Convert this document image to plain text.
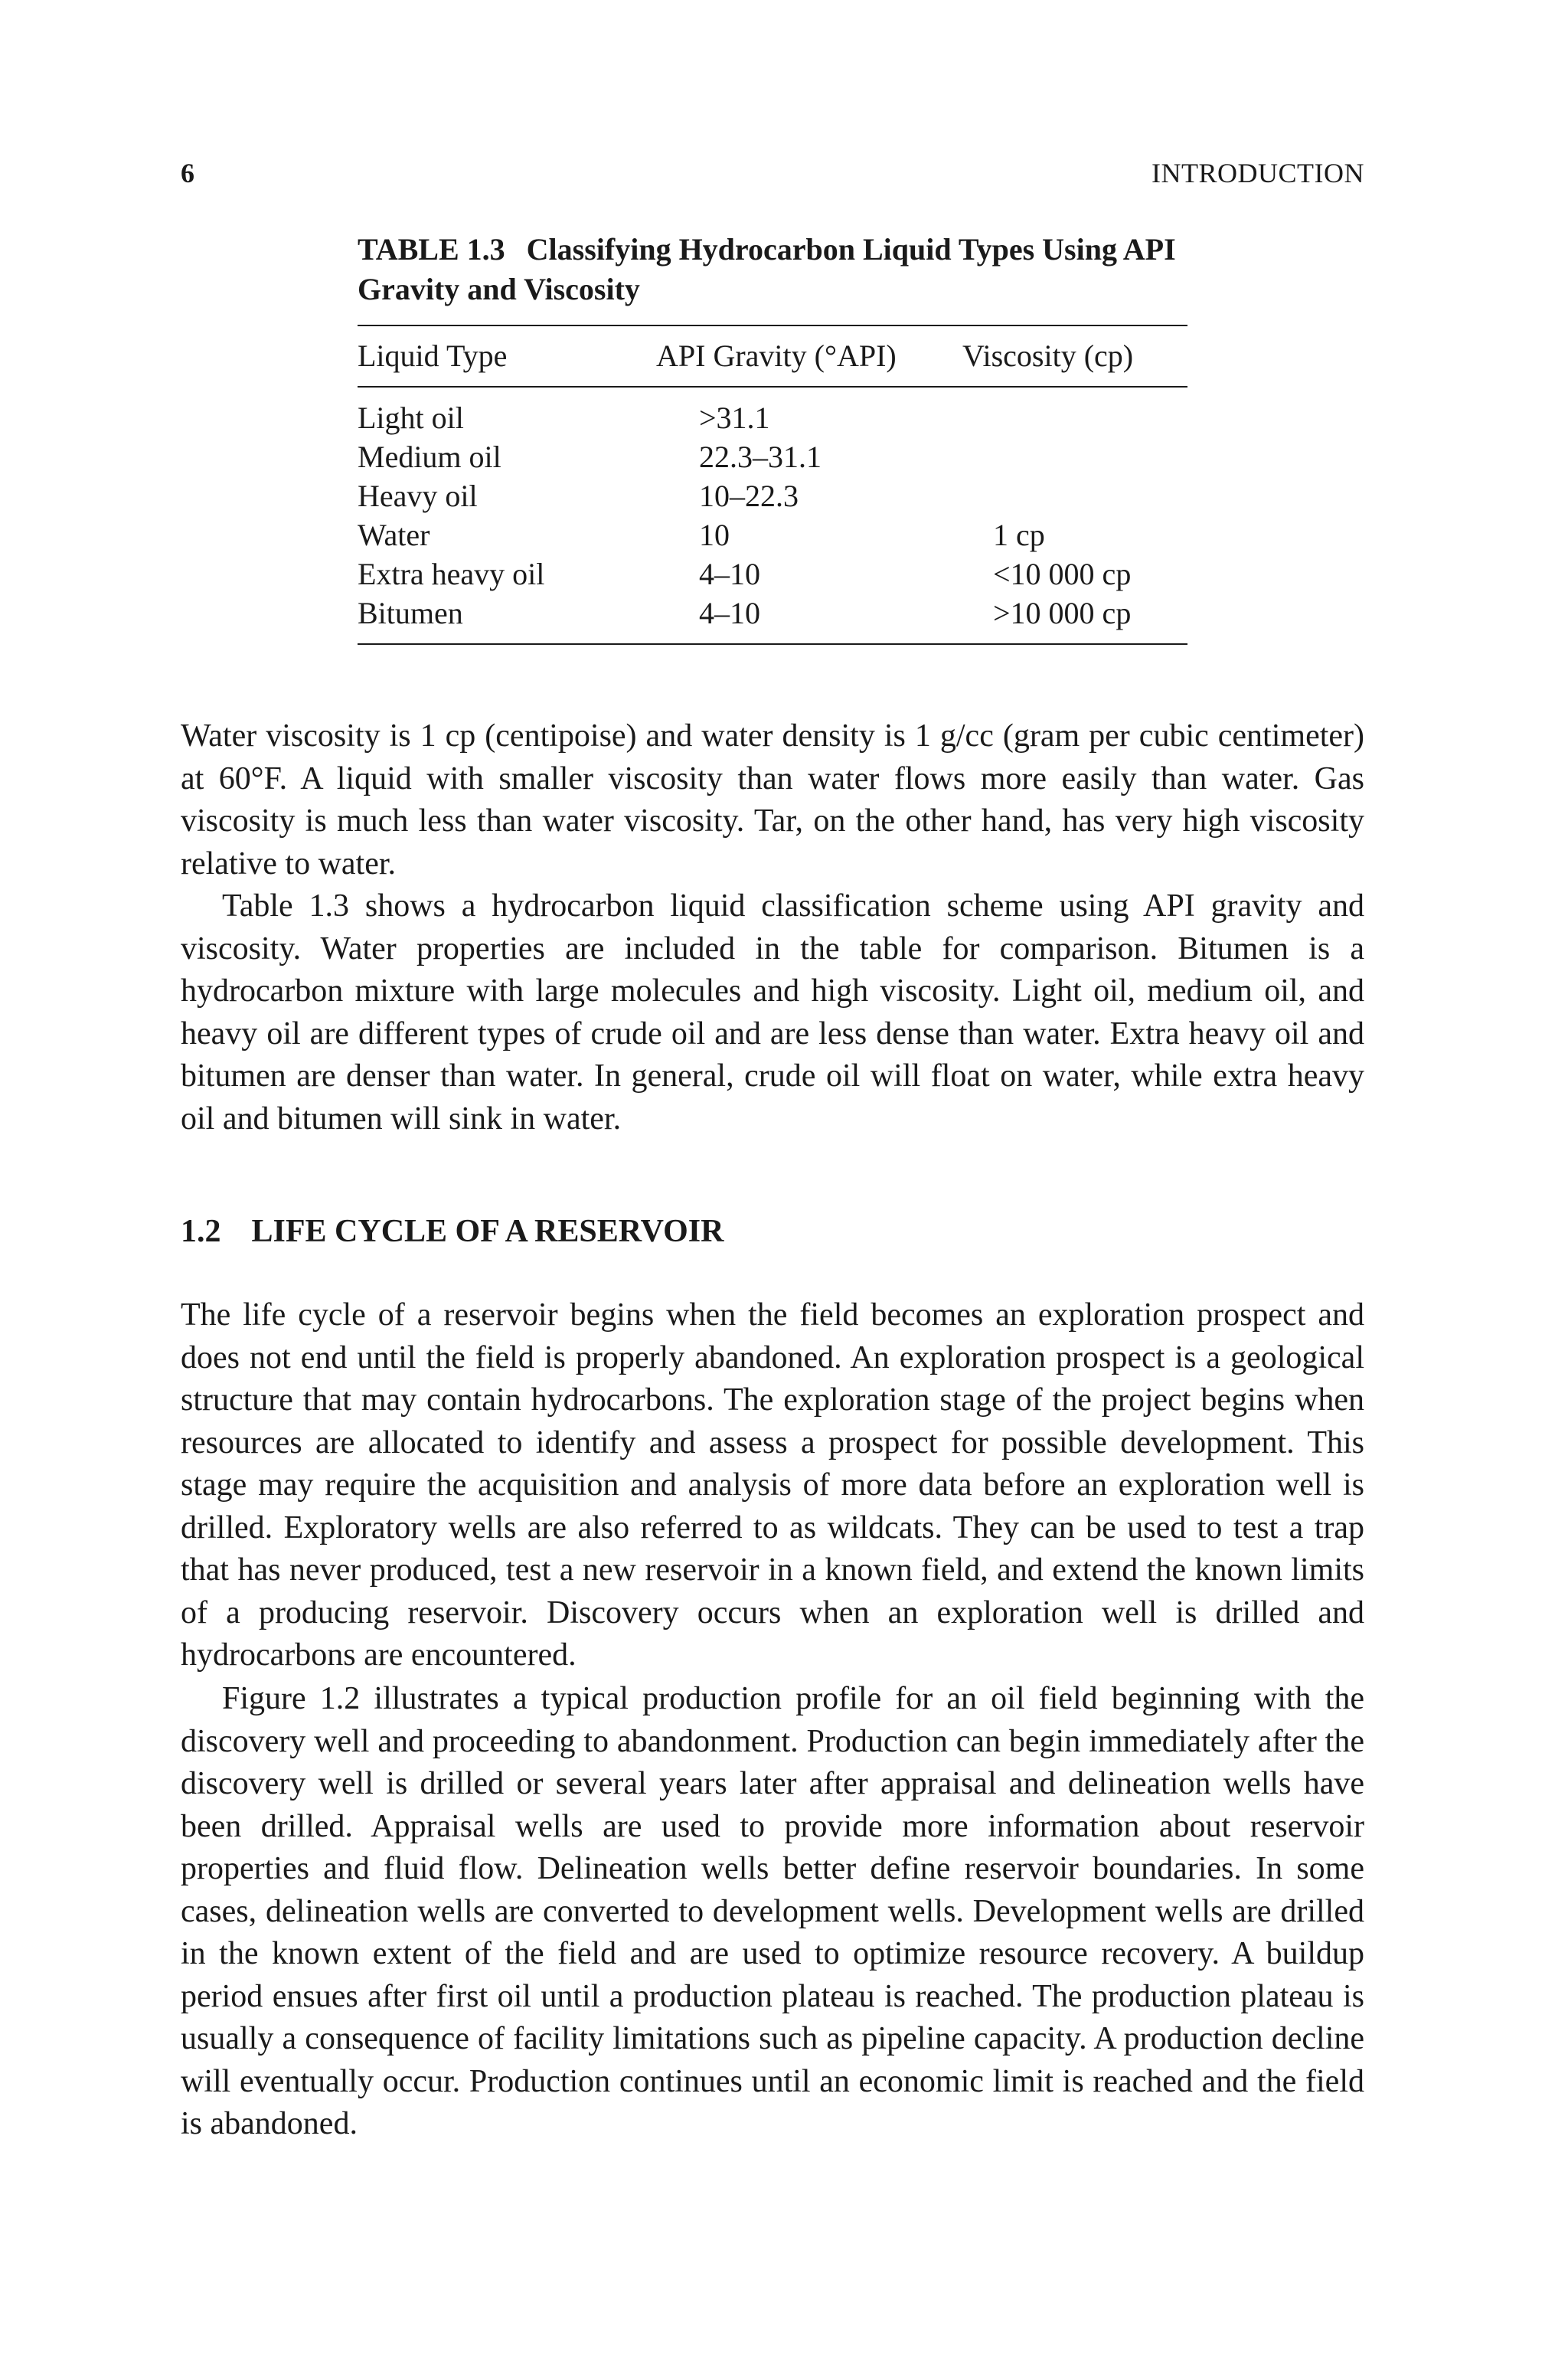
6	INTRODUCTION

TABLE 1.3 Classifying Hydrocarbon Liquid Types Using API Gravity and Viscosity

Liquid Type	API Gravity (°API)	Viscosity (cp)
Light oil	>31.1	
Medium oil	22.3–31.1	
Heavy oil	10–22.3	
Water	10	1 cp
Extra heavy oil	4–10	<10 000 cp
Bitumen	4–10	>10 000 cp

Water viscosity is 1 cp (centipoise) and water density is 1 g/cc (gram per cubic centimeter) at 60°F. A liquid with smaller viscosity than water flows more easily than water. Gas viscosity is much less than water viscosity. Tar, on the other hand, has very high viscosity relative to water.

Table 1.3 shows a hydrocarbon liquid classification scheme using API gravity and viscosity. Water properties are included in the table for comparison. Bitumen is a hydrocarbon mixture with large molecules and high viscosity. Light oil, medium oil, and heavy oil are different types of crude oil and are less dense than water. Extra heavy oil and bitumen are denser than water. In general, crude oil will float on water, while extra heavy oil and bitumen will sink in water.

1.2 LIFE CYCLE OF A RESERVOIR

The life cycle of a reservoir begins when the field becomes an exploration prospect and does not end until the field is properly abandoned. An exploration prospect is a geological structure that may contain hydrocarbons. The exploration stage of the project begins when resources are allocated to identify and assess a prospect for possible development. This stage may require the acquisition and analysis of more data before an exploration well is drilled. Exploratory wells are also referred to as wildcats. They can be used to test a trap that has never produced, test a new reservoir in a known field, and extend the known limits of a producing reservoir. Discovery occurs when an exploration well is drilled and hydrocarbons are encountered.

Figure 1.2 illustrates a typical production profile for an oil field beginning with the discovery well and proceeding to abandonment. Production can begin immediately after the discovery well is drilled or several years later after appraisal and delineation wells have been drilled. Appraisal wells are used to provide more information about reservoir properties and fluid flow. Delineation wells better define reservoir boundaries. In some cases, delineation wells are converted to development wells. Development wells are drilled in the known extent of the field and are used to optimize resource recovery. A buildup period ensues after first oil until a production plateau is reached. The production plateau is usually a consequence of facility limitations such as pipeline capacity. A production decline will eventually occur. Production continues until an economic limit is reached and the field is abandoned.
